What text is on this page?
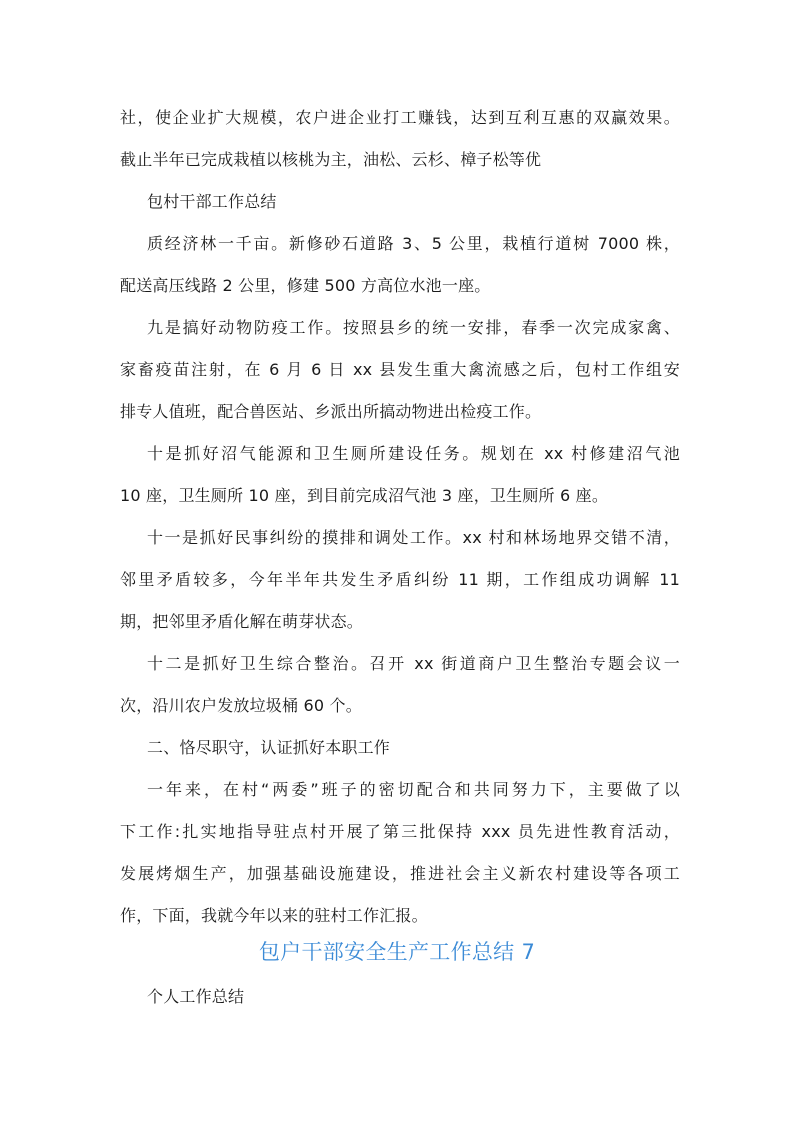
社，使企业扩大规模，农户进企业打工赚钱，达到互利互惠的双赢效果。
截止半年已完成栽植以核桃为主，油松、云杉、樟子松等优
包村干部工作总结
质经济林一千亩。新修砂石道路 3、5 公里，栽植行道树 7000 株，
配送高压线路 2 公里，修建 500 方高位水池一座。
九是搞好动物防疫工作。按照县乡的统一安排，春季一次完成家禽、
家畜疫苗注射，在 6 月 6 日 xx 县发生重大禽流感之后，包村工作组安
排专人值班，配合兽医站、乡派出所搞动物进出检疫工作。
十是抓好沼气能源和卫生厕所建设任务。规划在 xx 村修建沼气池
10 座，卫生厕所 10 座，到目前完成沼气池 3 座，卫生厕所 6 座。
十一是抓好民事纠纷的摸排和调处工作。xx 村和林场地界交错不清，
邻里矛盾较多，今年半年共发生矛盾纠纷 11 期，工作组成功调解 11
期，把邻里矛盾化解在萌芽状态。
十二是抓好卫生综合整治。召开 xx 街道商户卫生整治专题会议一
次，沿川农户发放垃圾桶 60 个。
二、恪尽职守，认证抓好本职工作
一年来，在村“两委”班子的密切配合和共同努力下，主要做了以
下工作:扎实地指导驻点村开展了第三批保持 xxx 员先进性教育活动，
发展烤烟生产，加强基础设施建设，推进社会主义新农村建设等各项工
作，下面，我就今年以来的驻村工作汇报。
包户干部安全生产工作总结 7
个人工作总结
